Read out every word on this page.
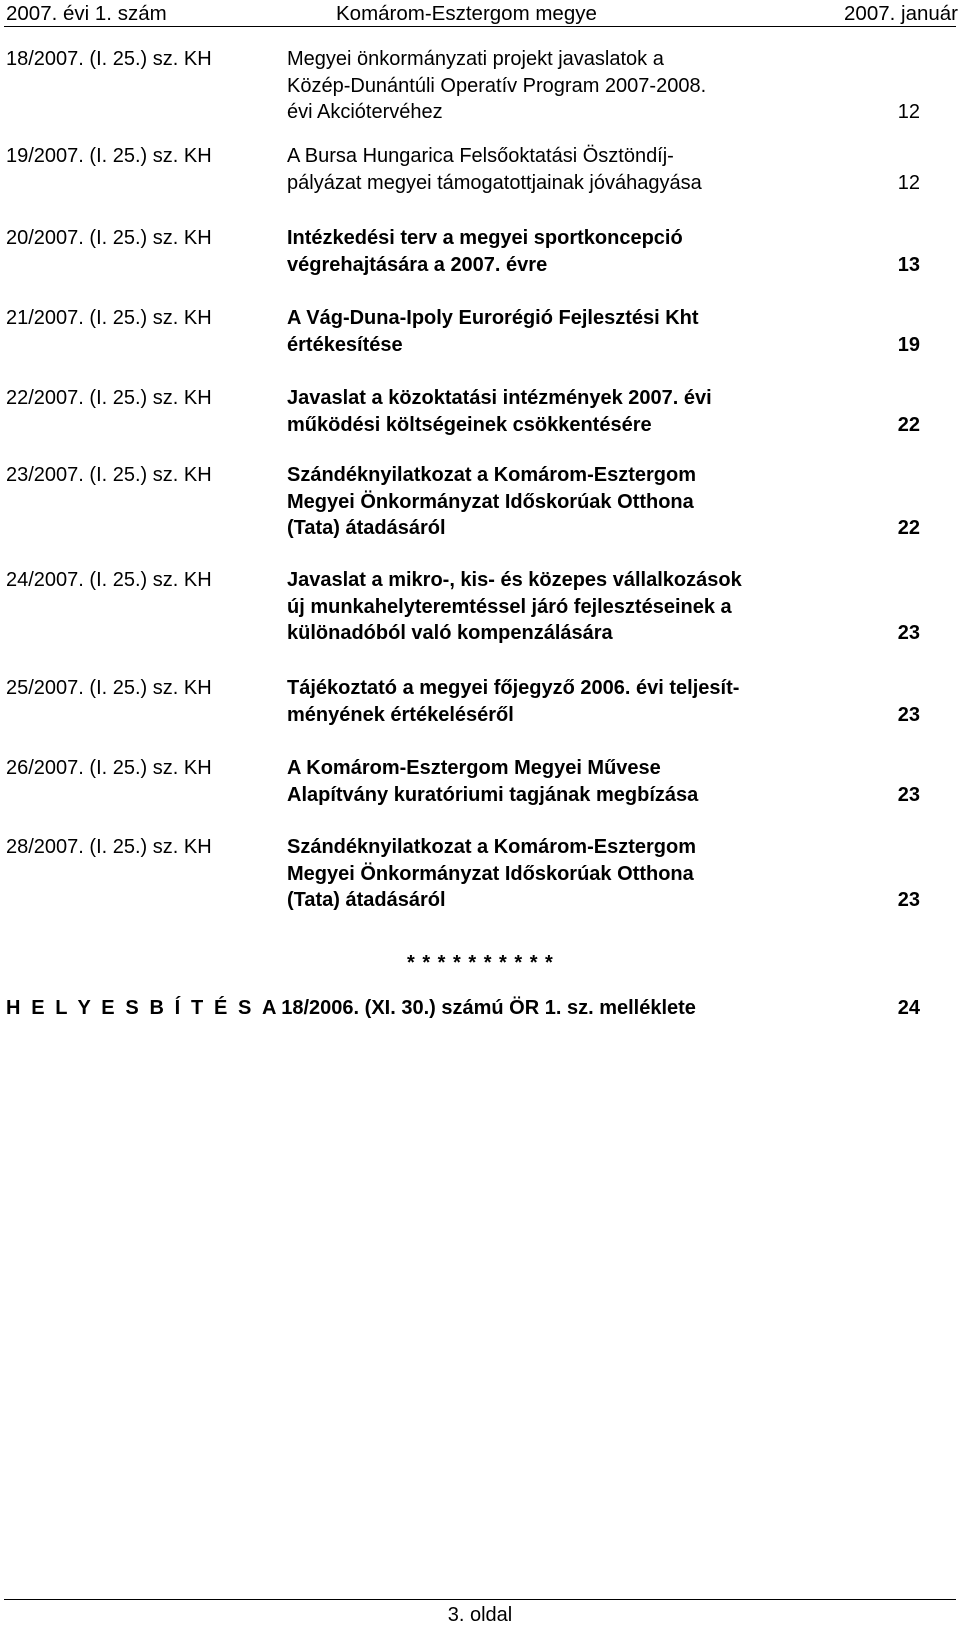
2007. évi 1. szám	Komárom-Esztergom megye	2007. január
18/2007. (I. 25.) sz. KH	Megyei önkormányzati projekt javaslatok a
Közép-Dunántúli Operatív Program 2007-2008.
évi Akciótervéhez	12
19/2007. (I. 25.) sz. KH	A Bursa Hungarica Felsőoktatási Ösztöndíj-
pályázat megyei támogatottjainak jóváhagyása	12
20/2007. (I. 25.) sz. KH	Intézkedési terv a megyei sportkoncepció
végrehajtására a 2007. évre	13
21/2007. (I. 25.) sz. KH	A Vág-Duna-Ipoly Eurorégió Fejlesztési Kht
értékesítése	19
22/2007. (I. 25.) sz. KH	Javaslat a közoktatási intézmények 2007. évi
működési költségeinek csökkentésére	22
23/2007. (I. 25.) sz. KH	Szándéknyilatkozat a Komárom-Esztergom
Megyei Önkormányzat Időskorúak Otthona
(Tata) átadásáról	22
24/2007. (I. 25.) sz. KH	Javaslat a mikro-, kis- és közepes vállalkozások
új munkahelyteremtéssel járó fejlesztéseinek a
különadóból való kompenzálására	23
25/2007. (I. 25.) sz. KH	Tájékoztató a megyei főjegyző 2006. évi teljesít-
ményének értékeléséről	23
26/2007. (I. 25.) sz. KH	A Komárom-Esztergom Megyei Művese
Alapítvány kuratóriumi tagjának megbízása	23
28/2007. (I. 25.) sz. KH	Szándéknyilatkozat a Komárom-Esztergom
Megyei Önkormányzat Időskorúak Otthona
(Tata) átadásáról	23
* * * * * * * * * *
H E L Y E S B Í T É S A 18/2006. (XI. 30.) számú ÖR 1. sz. melléklete	24
3. oldal
